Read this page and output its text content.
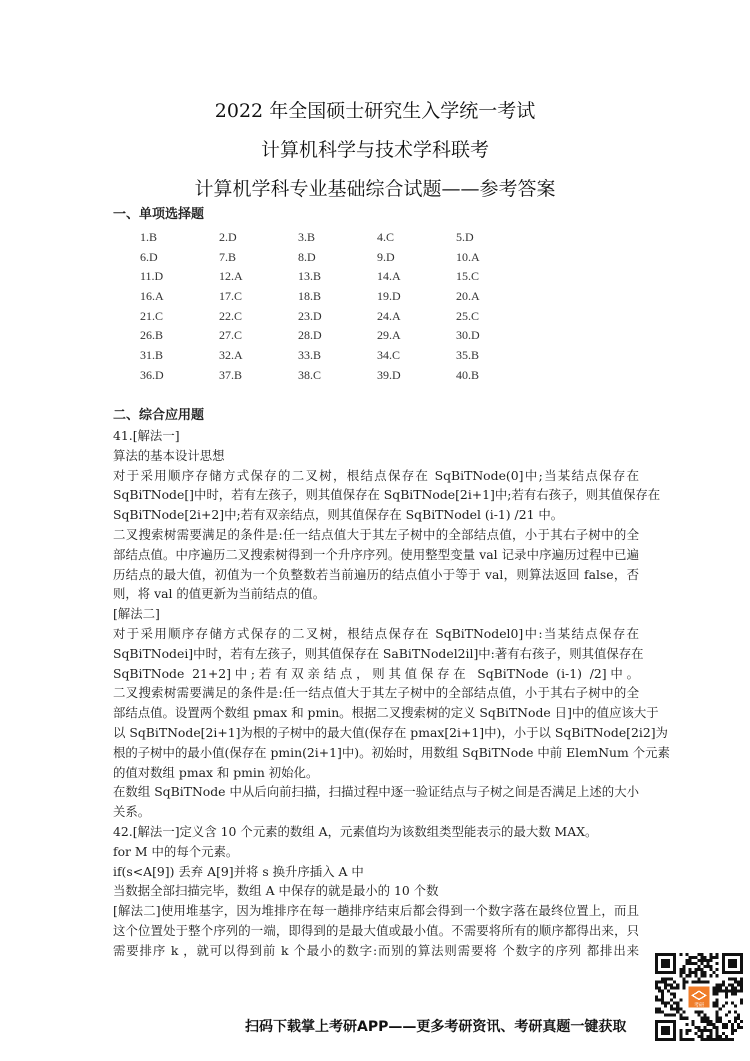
2022 年全国硕士研究生入学统一考试
计算机科学与技术学科联考
计算机学科专业基础综合试题——参考答案
一、单项选择题
1.B	2.D	3.B	4.C	5.D
6.D	7.B	8.D	9.D	10.A
11.D	12.A	13.B	14.A	15.C
16.A	17.C	18.B	19.D	20.A
21.C	22.C	23.D	24.A	25.C
26.B	27.C	28.D	29.A	30.D
31.B	32.A	33.B	34.C	35.B
36.D	37.B	38.C	39.D	40.B
二、综合应用题
41.[解法一]
算法的基本设计思想
对于采用顺序存储方式保存的二叉树，根结点保存在 SqBiTNode(0]中;当某结点保存在
SqBiTNode[]中时，若有左孩子，则其值保存在 SqBiTNode[2i+1]中;若有右孩子，则其值保存在
SqBiTNode[2i+2]中;若有双亲结点，则其值保存在 SqBiTNodel (i-1) /21 中。
二叉搜索树需要满足的条件是:任一结点值大于其左子树中的全部结点值，小于其右子树中的全
部结点值。中序遍历二叉搜索树得到一个升序序列。使用整型变量 val 记录中序遍历过程中已遍
历结点的最大值，初值为一个负整数若当前遍历的结点值小于等于 val，则算法返回 false，否
则，将 val 的值更新为当前结点的值。
[解法二]
对于采用顺序存储方式保存的二叉树，根结点保存在 SqBiTNodel0]中:当某结点保存在
SqBiTNodei]中时，若有左孩子，则其值保存在 SaBiTNodel2il]中:著有右孩子，则其值保存在
SqBiTNode 21+2]中;若有双亲结点，则其值保存在 SqBiTNode (i-1) /2]中。
二叉搜索树需要满足的条件是:任一结点值大于其左子树中的全部结点值，小于其右子树中的全
部结点值。设置两个数组 pmax 和 pmin。根据二叉搜索树的定义 SqBiTNode 日]中的值应该大于
以 SqBiTNode[2i+1]为根的子树中的最大值(保存在 pmax[2i+1]中)，小于以 SqBiTNode[2i2]为
根的子树中的最小值(保存在 pmin(2i+1]中)。初始时，用数组 SqBiTNode 中前 ElemNum 个元素
的值对数组 pmax 和 pmin 初始化。
在数组 SqBiTNode 中从后向前扫描，扫描过程中逐一验证结点与子树之间是否满足上述的大小
关系。
42.[解法一]定义含 10 个元素的数组 A，元素值均为该数组类型能表示的最大数 MAX。
for M 中的每个元素。
if(s<A[9]) 丢弃 A[9]并将 s 换升序插入 A 中
当数据全部扫描完毕，数组 A 中保存的就是最小的 10 个数
[解法二]使用堆基字，因为堆排序在每一趟排序结束后都会得到一个数字落在最终位置上，而且
这个位置处于整个序列的一端，即得到的是最大值或最小值。不需要将所有的顺序都得出来，只
需要排序 k ，就可以得到前 k 个最小的数字:而别的算法则需要将 个数字的序列 都排出来
扫码下载掌上考研APP——更多考研资讯、考研真题一键获取
考研
